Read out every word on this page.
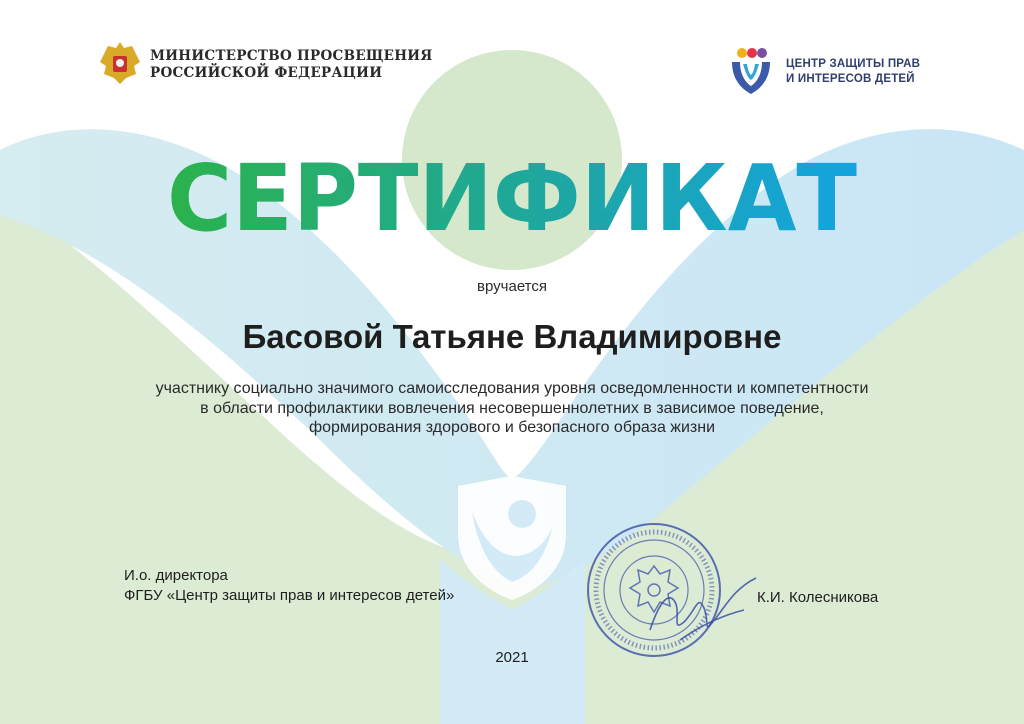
МИНИСТЕРСТВО ПРОСВЕЩЕНИЯ
РОССИЙСКОЙ ФЕДЕРАЦИИ
ЦЕНТР ЗАЩИТЫ ПРАВ
И ИНТЕРЕСОВ ДЕТЕЙ
СЕРТИФИКАТ
вручается
Басовой Татьяне Владимировне
участнику социально значимого самоисследования уровня осведомленности и компетентности
в области профилактики вовлечения несовершеннолетних в зависимое поведение,
формирования здорового и безопасного образа жизни
И.о. директора
ФГБУ «Центр защиты прав и интересов детей»	К.И. Колесникова
2021
